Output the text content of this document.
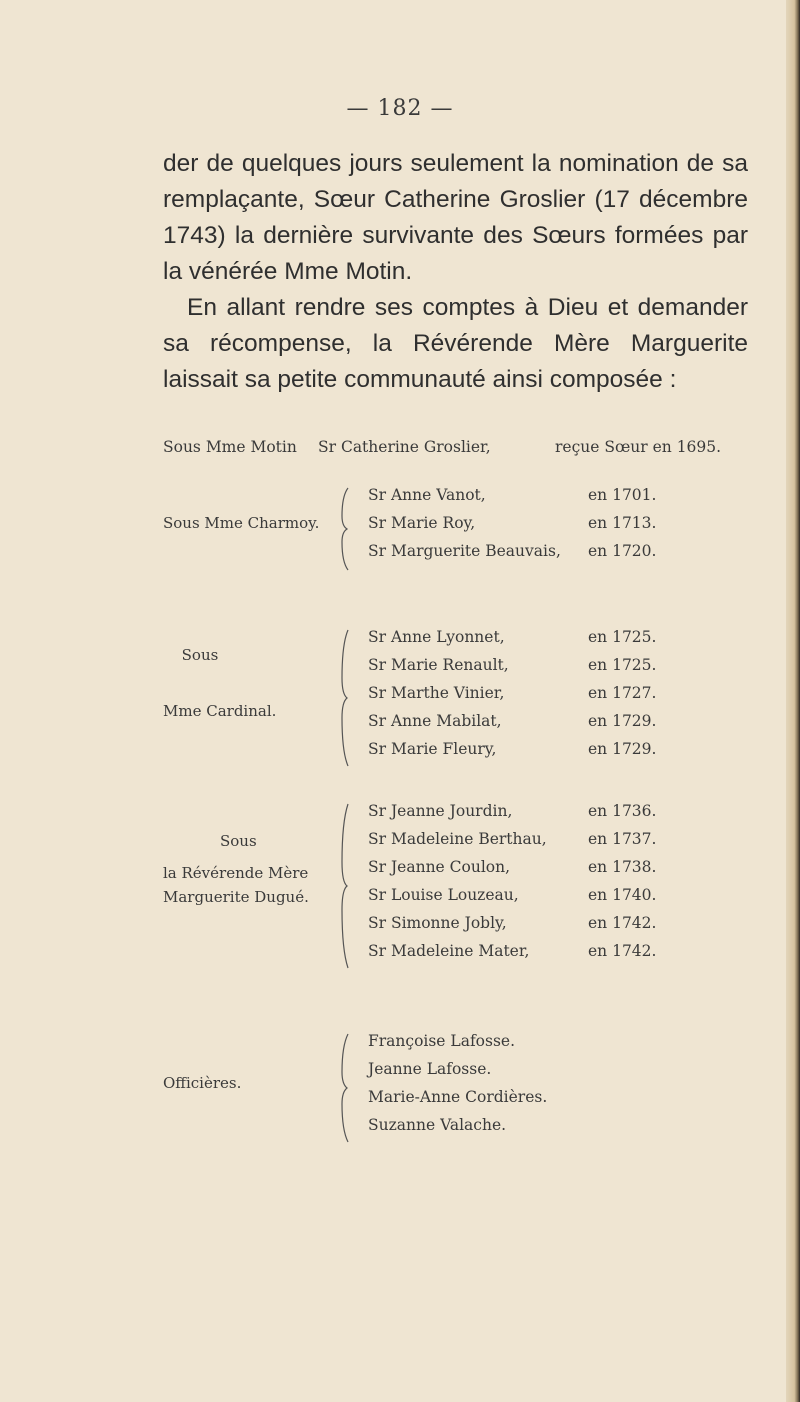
— 182 —
der de quelques jours seulement la nomination de sa remplaçante, Sœur Catherine Groslier (17 décembre 1743) la dernière survivante des Sœurs formées par la vénérée Mme Motin.
En allant rendre ses comptes à Dieu et demander sa récompense, la Révérende Mère Marguerite laissait sa petite communauté ainsi composée :
Sous Mme Motin Sr Catherine Groslier,	reçue Sœur en 1695.
Sous Mme Charmoy.
Sr Anne Vanot,	en 1701.
Sr Marie Roy,	en 1713.
Sr Marguerite Beauvais, en 1720.
Sous
Mme Cardinal.
Sr Anne Lyonnet,	en 1725.
Sr Marie Renault,	en 1725.
Sr Marthe Vinier,	en 1727.
Sr Anne Mabilat,	en 1729.
Sr Marie Fleury,	en 1729.
Sous
la Révérende Mère
Marguerite Dugué.
Sr Jeanne Jourdin,	en 1736.
Sr Madeleine Berthau,	en 1737.
Sr Jeanne Coulon,	en 1738.
Sr Louise Louzeau,	en 1740.
Sr Simonne Jobly,	en 1742.
Sr Madeleine Mater,	en 1742.
Officières.
Françoise Lafosse.
Jeanne Lafosse.
Marie-Anne Cordières.
Suzanne Valache.
